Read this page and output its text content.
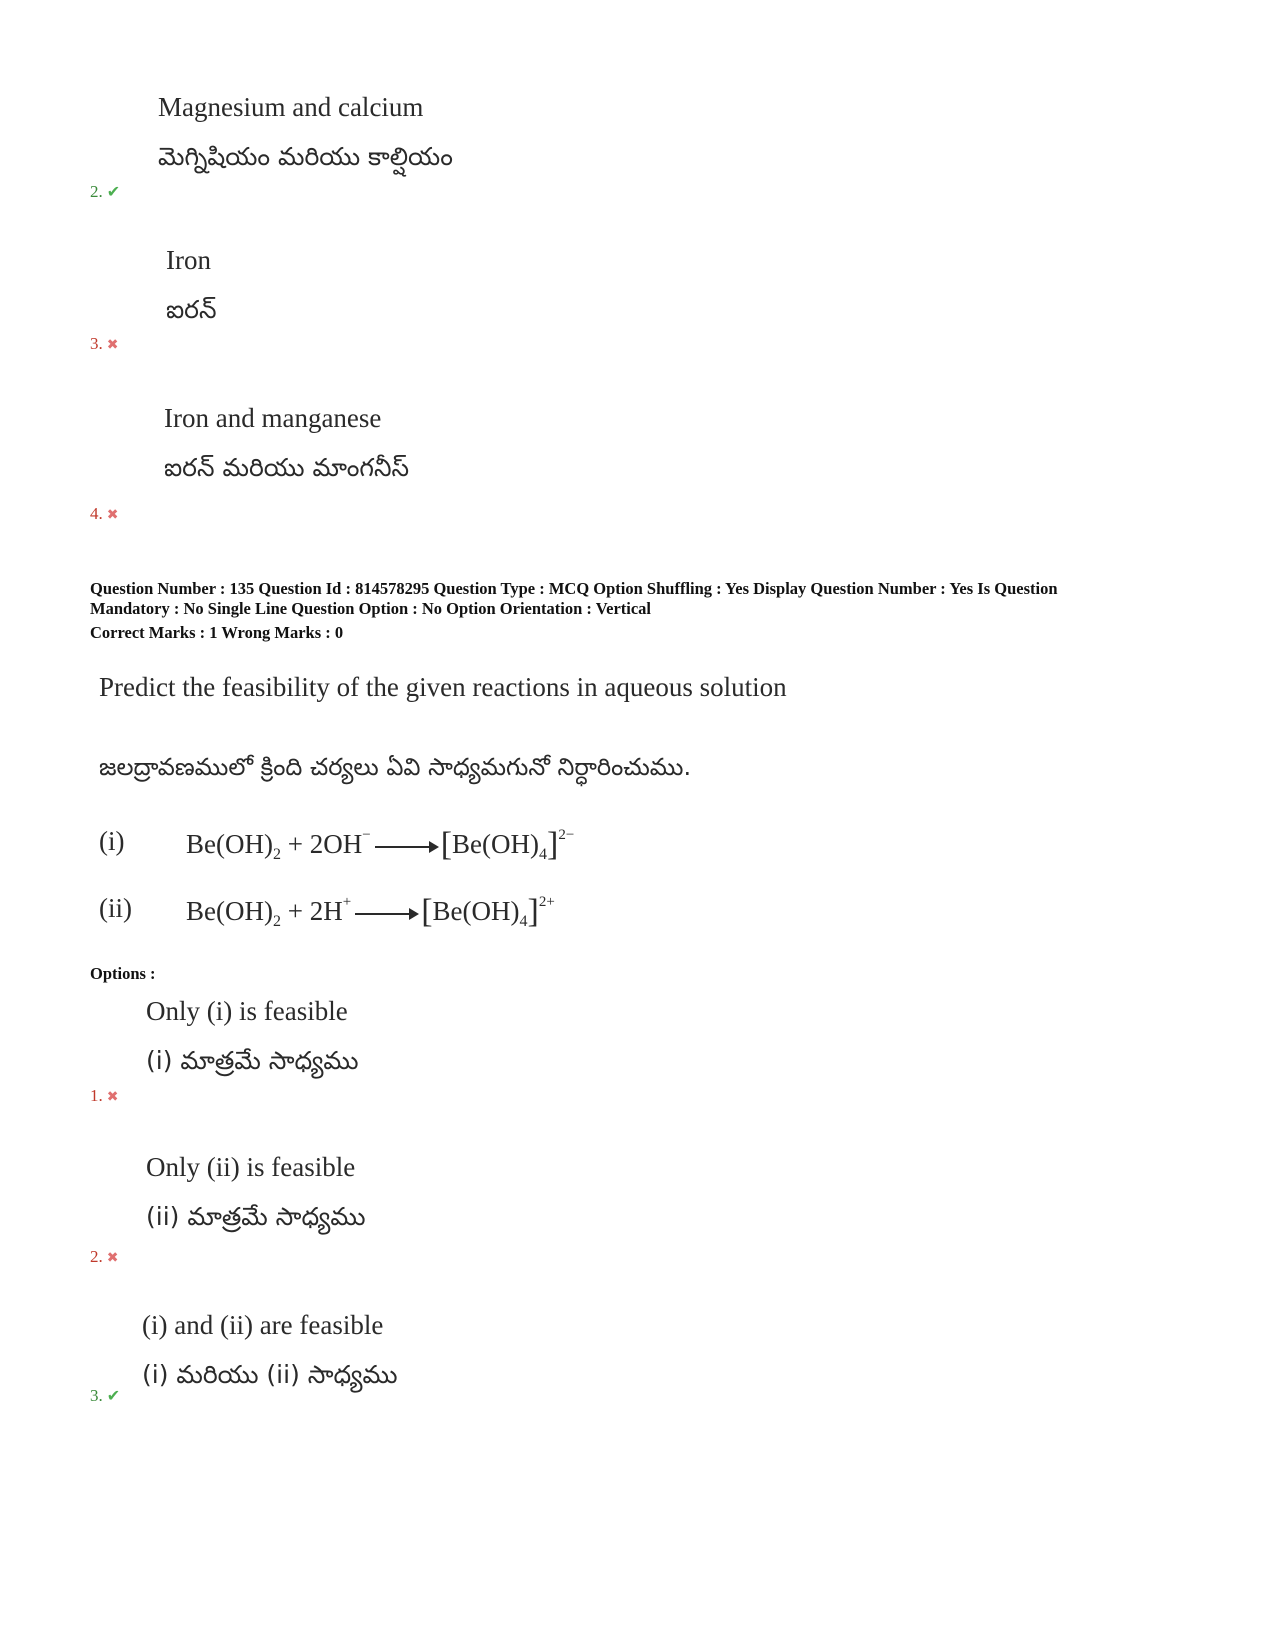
Magnesium and calcium
మెగ్నిషియం మరియు కాల్షియం
2. ✔
Iron
ఐరన్
3. ✖
Iron and manganese
ఐరన్ మరియు మాంగనీస్
4. ✖
Question Number : 135 Question Id : 814578295 Question Type : MCQ Option Shuffling : Yes Display Question Number : Yes Is Question
Mandatory : No Single Line Question Option : No Option Orientation : Vertical
Correct Marks : 1 Wrong Marks : 0
Predict the feasibility of the given reactions in aqueous solution
జలద్రావణములో క్రింది చర్యలు ఏవి సాధ్యమగునో నిర్ధారించుము.
(i) $Be(OH)_2 + 2OH^- \to [Be(OH)_4]^{2-}$
(ii) $Be(OH)_2 + 2H^+ \to [Be(OH)_4]^{2+}$
Options :
Only (i) is feasible
(i) మాత్రమే సాధ్యము
1. ✖
Only (ii) is feasible
(ii) మాత్రమే సాధ్యము
2. ✖
(i) and (ii) are feasible
(i) మరియు (ii) సాధ్యము
3. ✔
